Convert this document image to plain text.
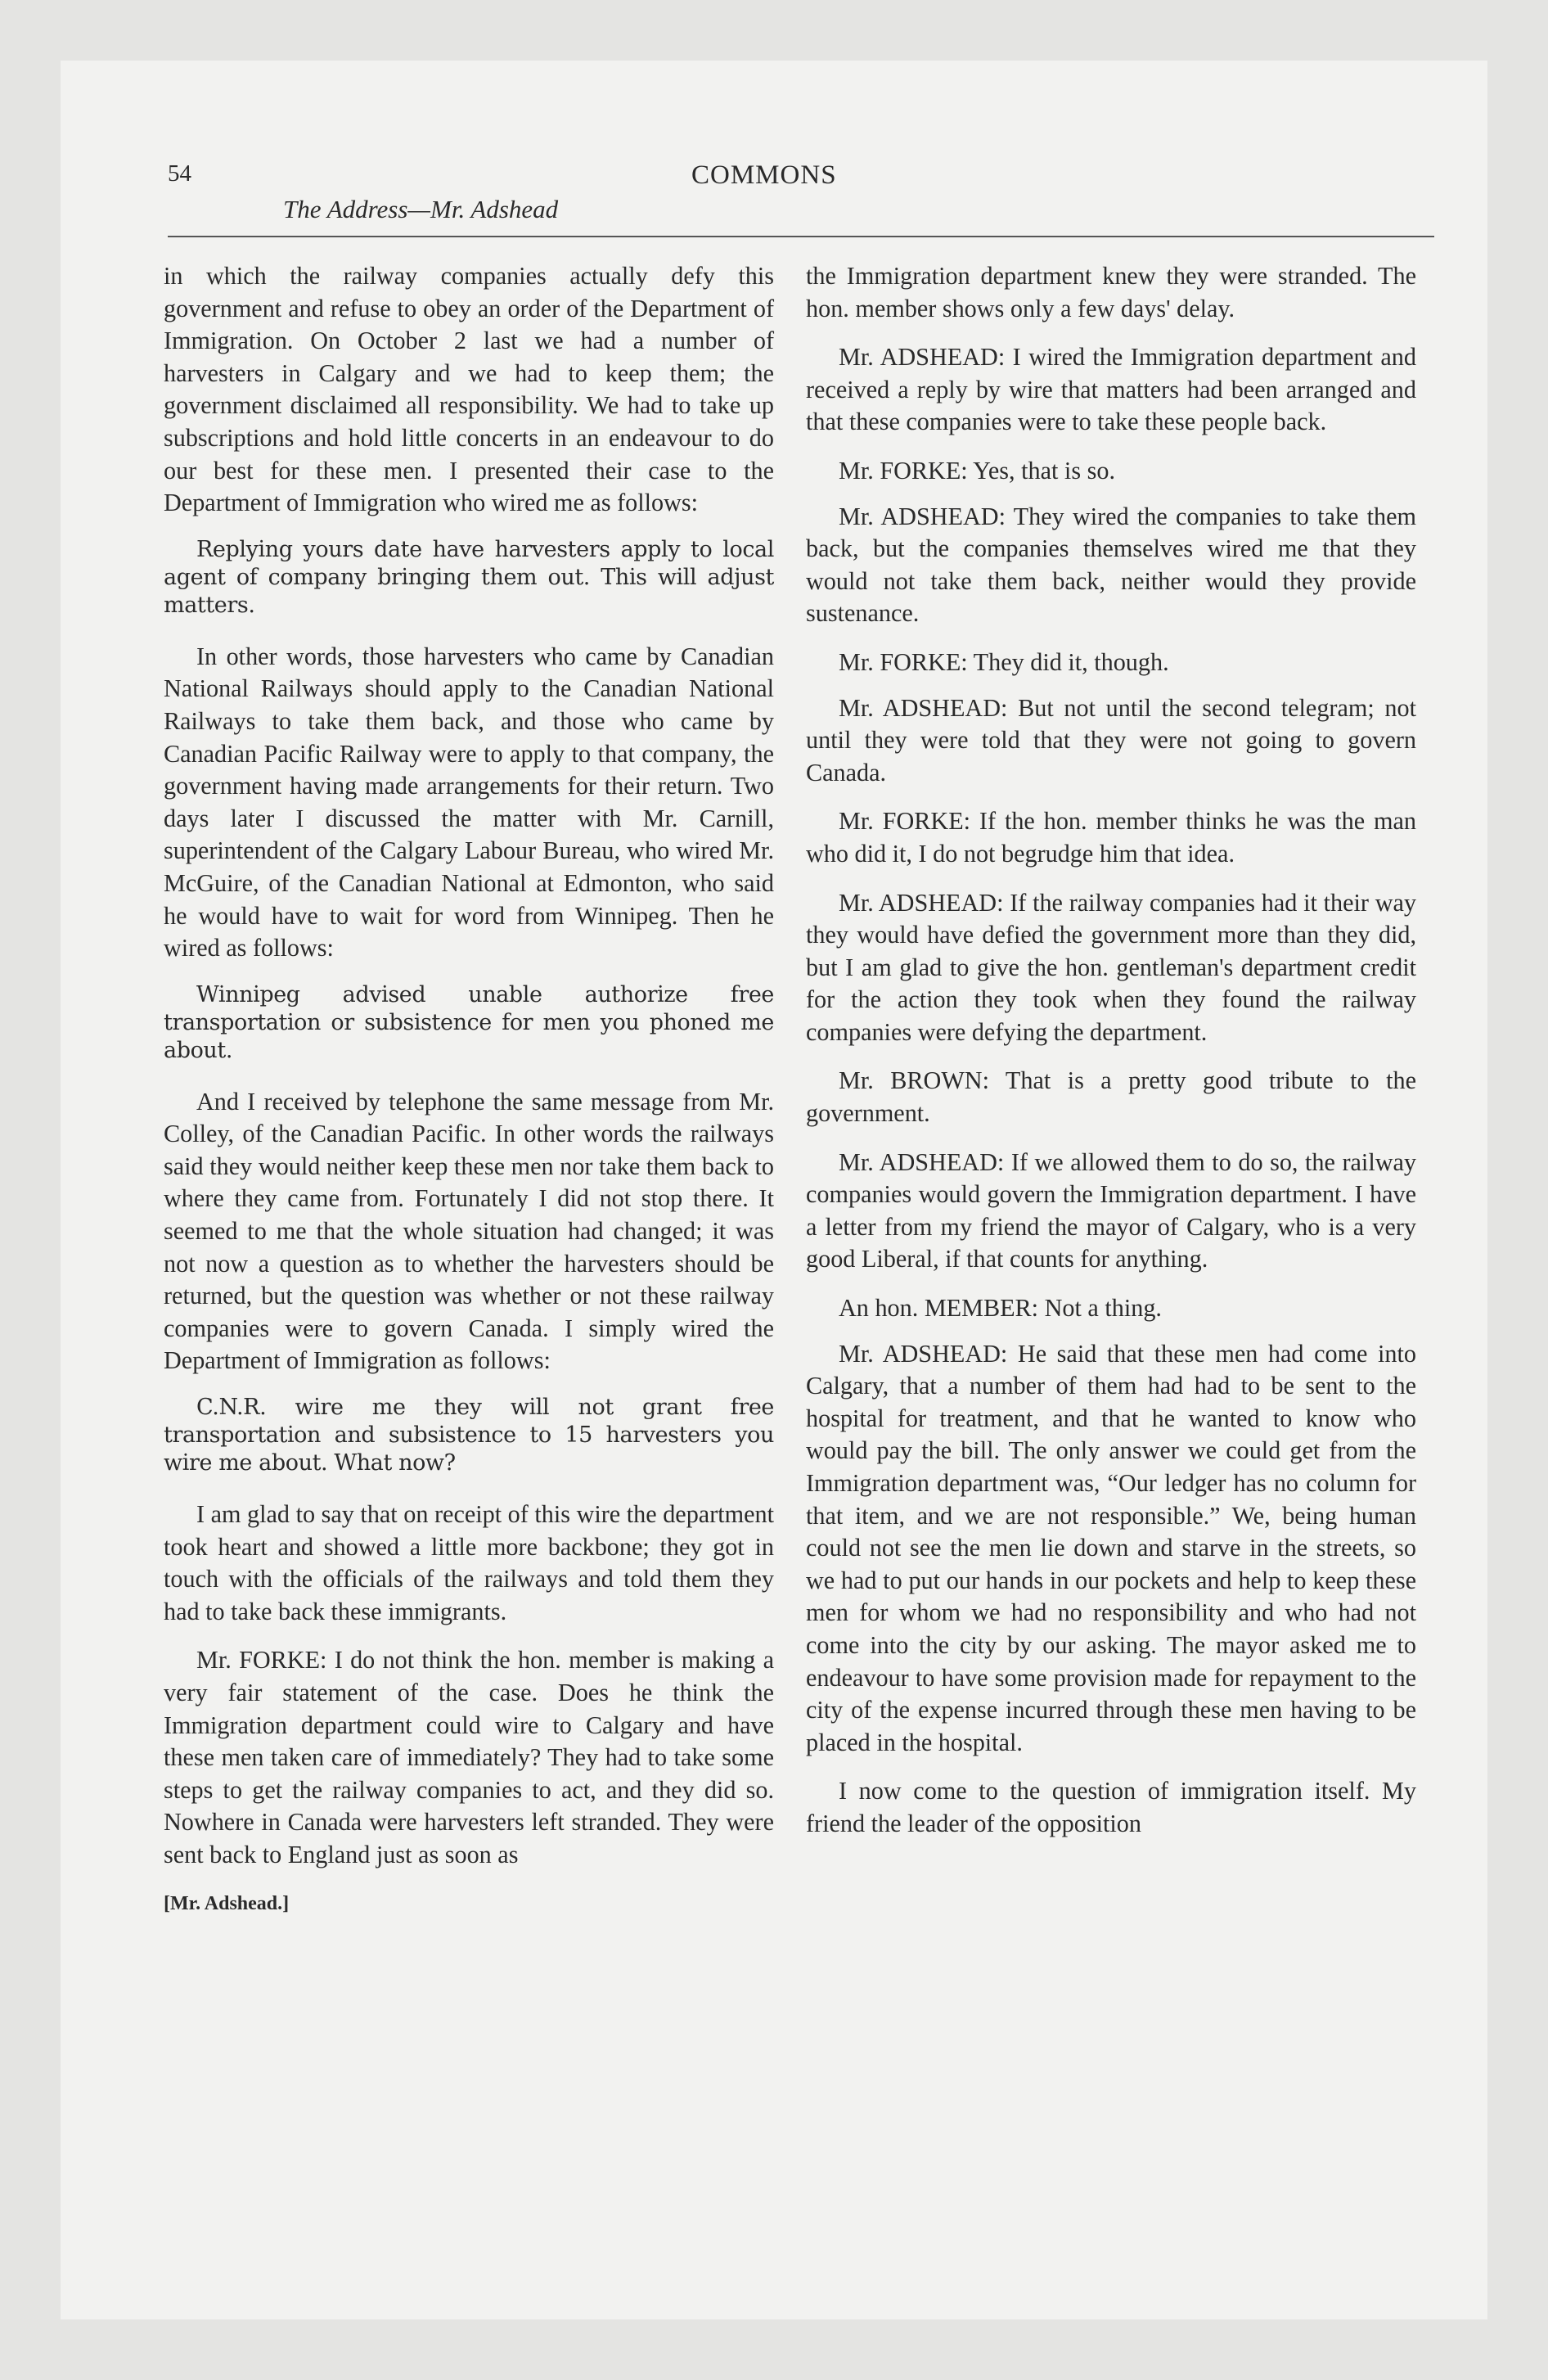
54	COMMONS
The Address—Mr. Adshead

in which the railway companies actually defy this government and refuse to obey an order of the Department of Immigration. On October 2 last we had a number of harvesters in Calgary and we had to keep them; the government disclaimed all responsibility. We had to take up subscriptions and hold little concerts in an endeavour to do our best for these men. I presented their case to the Department of Immigration who wired me as follows:

Replying yours date have harvesters apply to local agent of company bringing them out. This will adjust matters.

In other words, those harvesters who came by Canadian National Railways should apply to the Canadian National Railways to take them back, and those who came by Canadian Pacific Railway were to apply to that company, the government having made arrangements for their return. Two days later I discussed the matter with Mr. Carnill, superintendent of the Calgary Labour Bureau, who wired Mr. McGuire, of the Canadian National at Edmonton, who said he would have to wait for word from Winnipeg. Then he wired as follows:

Winnipeg advised unable authorize free transportation or subsistence for men you phoned me about.

And I received by telephone the same message from Mr. Colley, of the Canadian Pacific. In other words the railways said they would neither keep these men nor take them back to where they came from. Fortunately I did not stop there. It seemed to me that the whole situation had changed; it was not now a question as to whether the harvesters should be returned, but the question was whether or not these railway companies were to govern Canada. I simply wired the Department of Immigration as follows:

C.N.R. wire me they will not grant free transportation and subsistence to 15 harvesters you wire me about. What now?

I am glad to say that on receipt of this wire the department took heart and showed a little more backbone; they got in touch with the officials of the railways and told them they had to take back these immigrants.

Mr. FORKE: I do not think the hon. member is making a very fair statement of the case. Does he think the Immigration department could wire to Calgary and have these men taken care of immediately? They had to take some steps to get the railway companies to act, and they did so. Nowhere in Canada were harvesters left stranded. They were sent back to England just as soon as

[Mr. Adshead.]

the Immigration department knew they were stranded. The hon. member shows only a few days' delay.

Mr. ADSHEAD: I wired the Immigration department and received a reply by wire that matters had been arranged and that these companies were to take these people back.

Mr. FORKE: Yes, that is so.

Mr. ADSHEAD: They wired the companies to take them back, but the companies themselves wired me that they would not take them back, neither would they provide sustenance.

Mr. FORKE: They did it, though.

Mr. ADSHEAD: But not until the second telegram; not until they were told that they were not going to govern Canada.

Mr. FORKE: If the hon. member thinks he was the man who did it, I do not begrudge him that idea.

Mr. ADSHEAD: If the railway companies had it their way they would have defied the government more than they did, but I am glad to give the hon. gentleman's department credit for the action they took when they found the railway companies were defying the department.

Mr. BROWN: That is a pretty good tribute to the government.

Mr. ADSHEAD: If we allowed them to do so, the railway companies would govern the Immigration department. I have a letter from my friend the mayor of Calgary, who is a very good Liberal, if that counts for anything.

An hon. MEMBER: Not a thing.

Mr. ADSHEAD: He said that these men had come into Calgary, that a number of them had had to be sent to the hospital for treatment, and that he wanted to know who would pay the bill. The only answer we could get from the Immigration department was, “Our ledger has no column for that item, and we are not responsible.” We, being human could not see the men lie down and starve in the streets, so we had to put our hands in our pockets and help to keep these men for whom we had no responsibility and who had not come into the city by our asking. The mayor asked me to endeavour to have some provision made for repayment to the city of the expense incurred through these men having to be placed in the hospital.

I now come to the question of immigration itself. My friend the leader of the opposition
